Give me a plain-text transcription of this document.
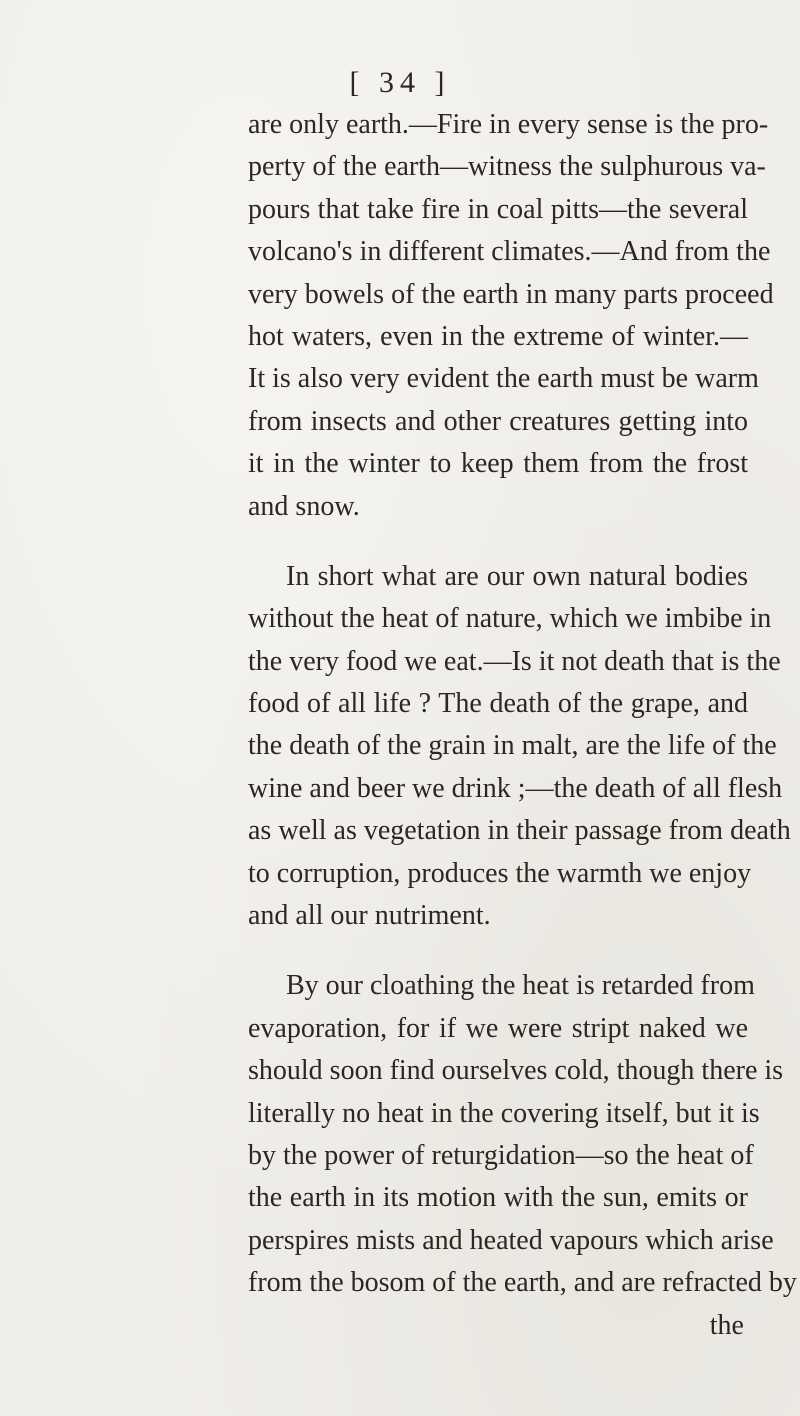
[ 34 ]
are only earth.—Fire in every sense is the pro-
perty of the earth—witness the sulphurous va-
pours that take fire in coal pitts—the several
volcano's in different climates.—And from the
very bowels of the earth in many parts proceed
hot waters, even in the extreme of winter.—
It is also very evident the earth must be warm
from insects and other creatures getting into
it in the winter to keep them from the frost
and snow.
In short what are our own natural bodies
without the heat of nature, which we imbibe in
the very food we eat.—Is it not death that is the
food of all life ? The death of the grape, and
the death of the grain in malt, are the life of the
wine and beer we drink ;—the death of all flesh
as well as vegetation in their passage from death
to corruption, produces the warmth we enjoy
and all our nutriment.
By our cloathing the heat is retarded from
evaporation, for if we were stript naked we
should soon find ourselves cold, though there is
literally no heat in the covering itself, but it is
by the power of returgidation—so the heat of
the earth in its motion with the sun, emits or
perspires mists and heated vapours which arise
from the bosom of the earth, and are refracted by
the
